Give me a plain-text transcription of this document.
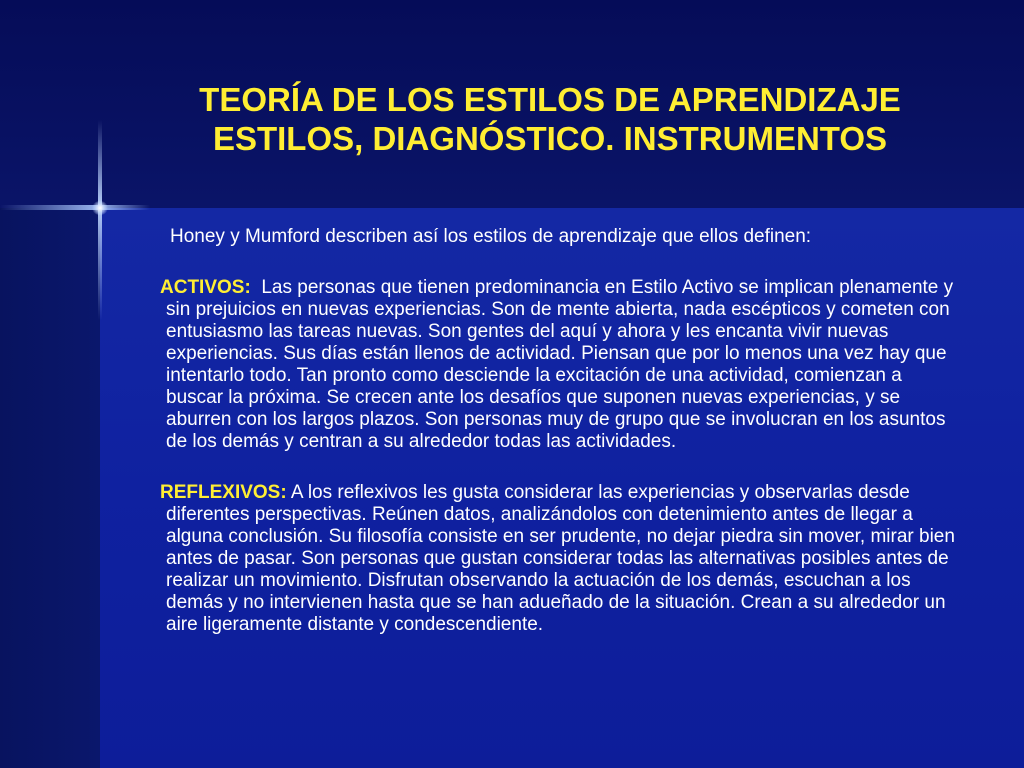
TEORÍA DE LOS ESTILOS DE APRENDIZAJE
ESTILOS, DIAGNÓSTICO. INSTRUMENTOS

Honey y Mumford describen así los estilos de aprendizaje que ellos definen:

ACTIVOS: Las personas que tienen predominancia en Estilo Activo se implican plenamente y sin prejuicios en nuevas experiencias. Son de mente abierta, nada escépticos y cometen con entusiasmo las tareas nuevas. Son gentes del aquí y ahora y les encanta vivir nuevas experiencias. Sus días están llenos de actividad. Piensan que por lo menos una vez hay que intentarlo todo. Tan pronto como desciende la excitación de una actividad, comienzan a buscar la próxima. Se crecen ante los desafíos que suponen nuevas experiencias, y se aburren con los largos plazos. Son personas muy de grupo que se involucran en los asuntos de los demás y centran a su alrededor todas las actividades.

REFLEXIVOS: A los reflexivos les gusta considerar las experiencias y observarlas desde diferentes perspectivas. Reúnen datos, analizándolos con detenimiento antes de llegar a alguna conclusión. Su filosofía consiste en ser prudente, no dejar piedra sin mover, mirar bien antes de pasar. Son personas que gustan considerar todas las alternativas posibles antes de realizar un movimiento. Disfrutan observando la actuación de los demás, escuchan a los demás y no intervienen hasta que se han adueñado de la situación. Crean a su alrededor un aire ligeramente distante y condescendiente.
